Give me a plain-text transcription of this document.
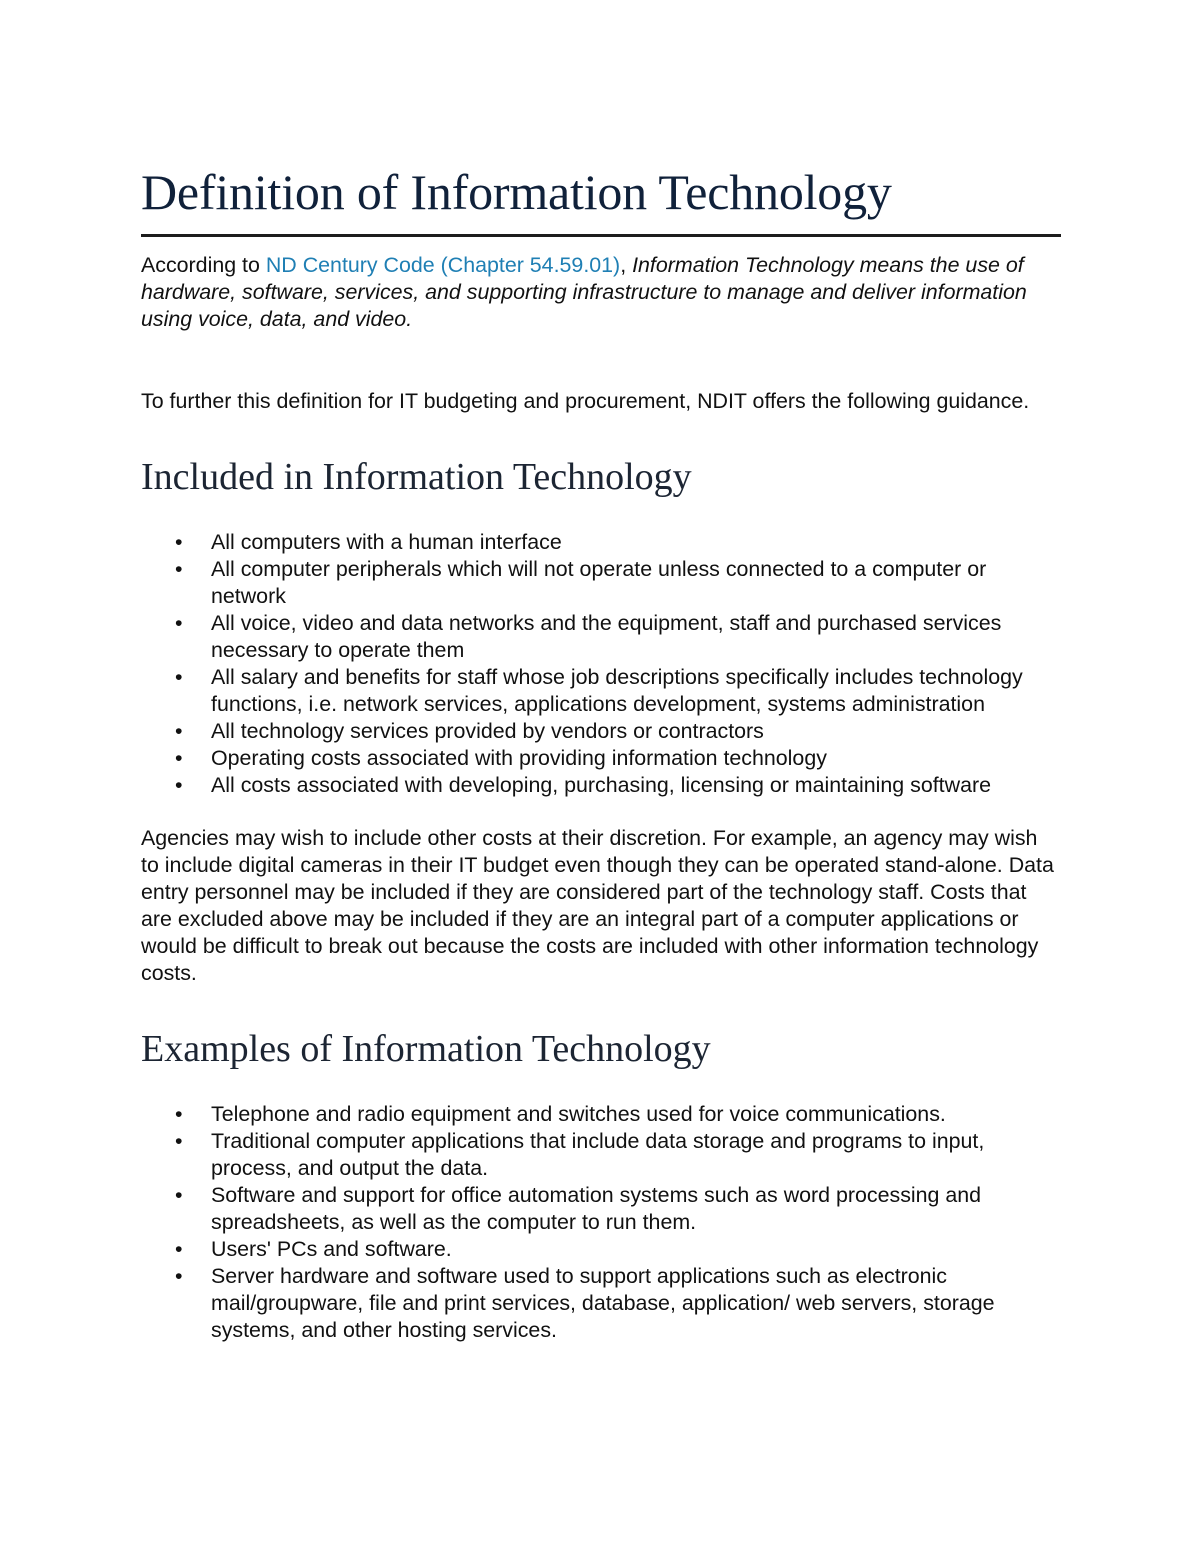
Definition of Information Technology

According to ND Century Code (Chapter 54.59.01), Information Technology means the use of hardware, software, services, and supporting infrastructure to manage and deliver information using voice, data, and video.

To further this definition for IT budgeting and procurement, NDIT offers the following guidance.

Included in Information Technology
• All computers with a human interface
• All computer peripherals which will not operate unless connected to a computer or network
• All voice, video and data networks and the equipment, staff and purchased services necessary to operate them
• All salary and benefits for staff whose job descriptions specifically includes technology functions, i.e. network services, applications development, systems administration
• All technology services provided by vendors or contractors
• Operating costs associated with providing information technology
• All costs associated with developing, purchasing, licensing or maintaining software

Agencies may wish to include other costs at their discretion. For example, an agency may wish to include digital cameras in their IT budget even though they can be operated stand-alone. Data entry personnel may be included if they are considered part of the technology staff. Costs that are excluded above may be included if they are an integral part of a computer applications or would be difficult to break out because the costs are included with other information technology costs.

Examples of Information Technology
• Telephone and radio equipment and switches used for voice communications.
• Traditional computer applications that include data storage and programs to input, process, and output the data.
• Software and support for office automation systems such as word processing and spreadsheets, as well as the computer to run them.
• Users' PCs and software.
• Server hardware and software used to support applications such as electronic mail/groupware, file and print services, database, application/ web servers, storage systems, and other hosting services.
